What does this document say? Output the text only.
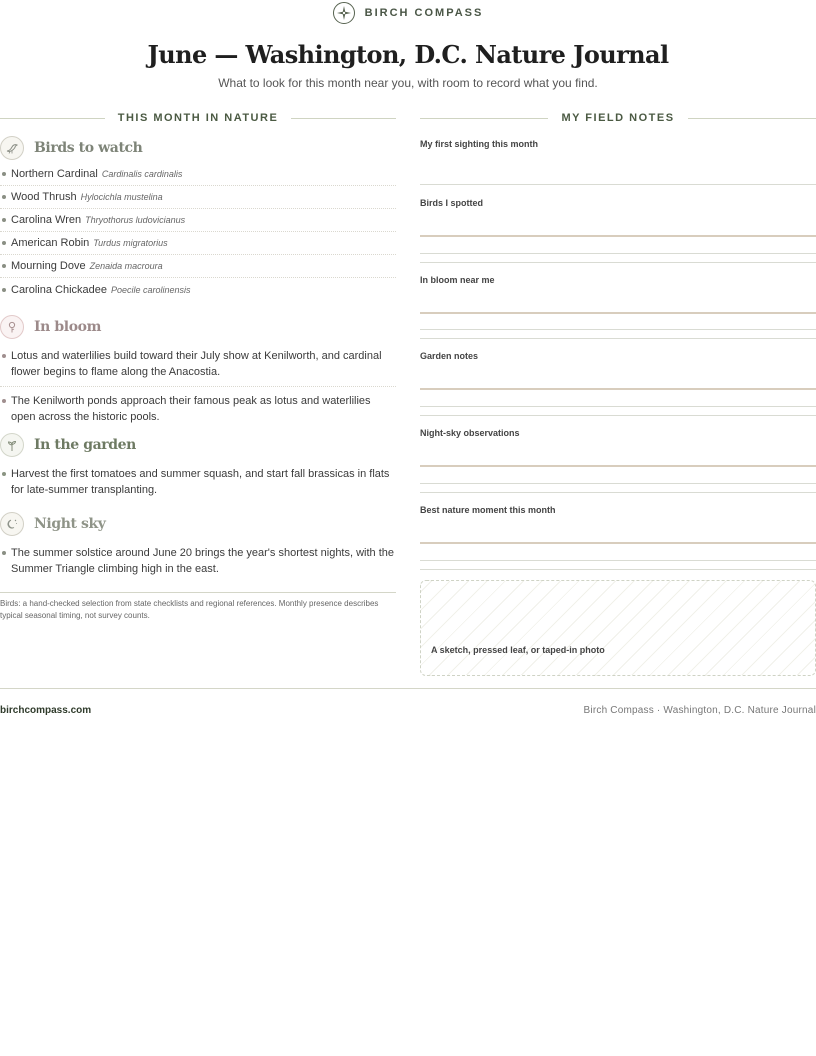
BIRCH COMPASS
June — Washington, D.C. Nature Journal

What to look for this month near you, with room to record what you find.

THIS MONTH IN NATURE	MY FIELD NOTES
Birds to watch
Northern Cardinal Cardinalis cardinalis
Wood Thrush Hylocichla mustelina
Carolina Wren Thryothorus ludovicianus
American Robin Turdus migratorius
Mourning Dove Zenaida macroura
Carolina Chickadee Poecile carolinensis
In bloom
Lotus and waterlilies build toward their July show at Kenilworth, and cardinal flower begins to flame along the Anacostia.
The Kenilworth ponds approach their famous peak as lotus and waterlilies open across the historic pools.
In the garden
Harvest the first tomatoes and summer squash, and start fall brassicas in flats for late-summer transplanting.
Night sky
The summer solstice around June 20 brings the year's shortest nights, with the Summer Triangle climbing high in the east.
Birds: a hand-checked selection from state checklists and regional references. Monthly presence describes typical seasonal timing, not survey counts.
My first sighting this month
Birds I spotted
In bloom near me
Garden notes
Night-sky observations
Best nature moment this month
A sketch, pressed leaf, or taped-in photo
birchcompass.com	Birch Compass · Washington, D.C. Nature Journal
